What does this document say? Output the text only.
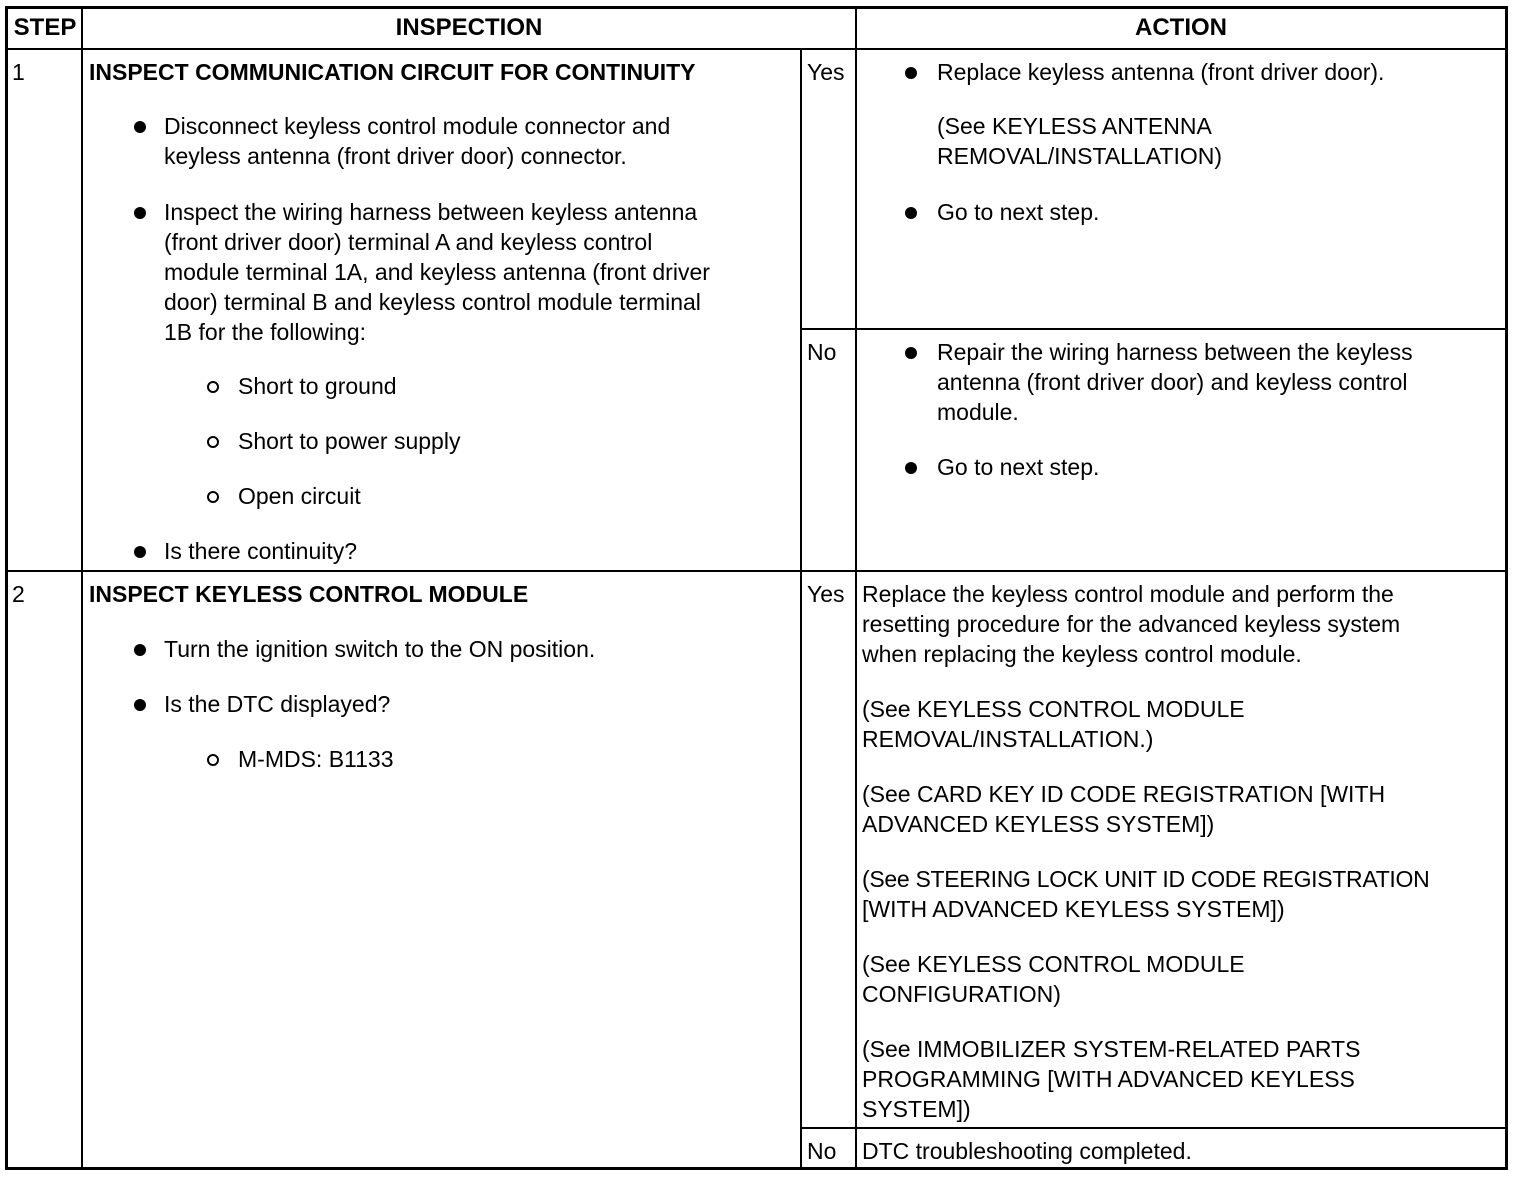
STEP	INSPECTION	ACTION
1	INSPECT COMMUNICATION CIRCUIT FOR CONTINUITY
Disconnect keyless control module connector and
keyless antenna (front driver door) connector.
Inspect the wiring harness between keyless antenna
(front driver door) terminal A and keyless control
module terminal 1A, and keyless antenna (front driver
door) terminal B and keyless control module terminal
1B for the following:
Short to ground
Short to power supply
Open circuit
Is there continuity?
Yes	Replace keyless antenna (front driver door).
(See KEYLESS ANTENNA
REMOVAL/INSTALLATION)
Go to next step.
No	Repair the wiring harness between the keyless
antenna (front driver door) and keyless control
module.
Go to next step.
2	INSPECT KEYLESS CONTROL MODULE
Turn the ignition switch to the ON position.
Is the DTC displayed?
M-MDS: B1133
Yes Replace the keyless control module and perform the
resetting procedure for the advanced keyless system
when replacing the keyless control module.
(See KEYLESS CONTROL MODULE
REMOVAL/INSTALLATION.)
(See CARD KEY ID CODE REGISTRATION [WITH
ADVANCED KEYLESS SYSTEM])
(See STEERING LOCK UNIT ID CODE REGISTRATION
[WITH ADVANCED KEYLESS SYSTEM])
(See KEYLESS CONTROL MODULE
CONFIGURATION)
(See IMMOBILIZER SYSTEM-RELATED PARTS
PROGRAMMING [WITH ADVANCED KEYLESS
SYSTEM])
No DTC troubleshooting completed.
